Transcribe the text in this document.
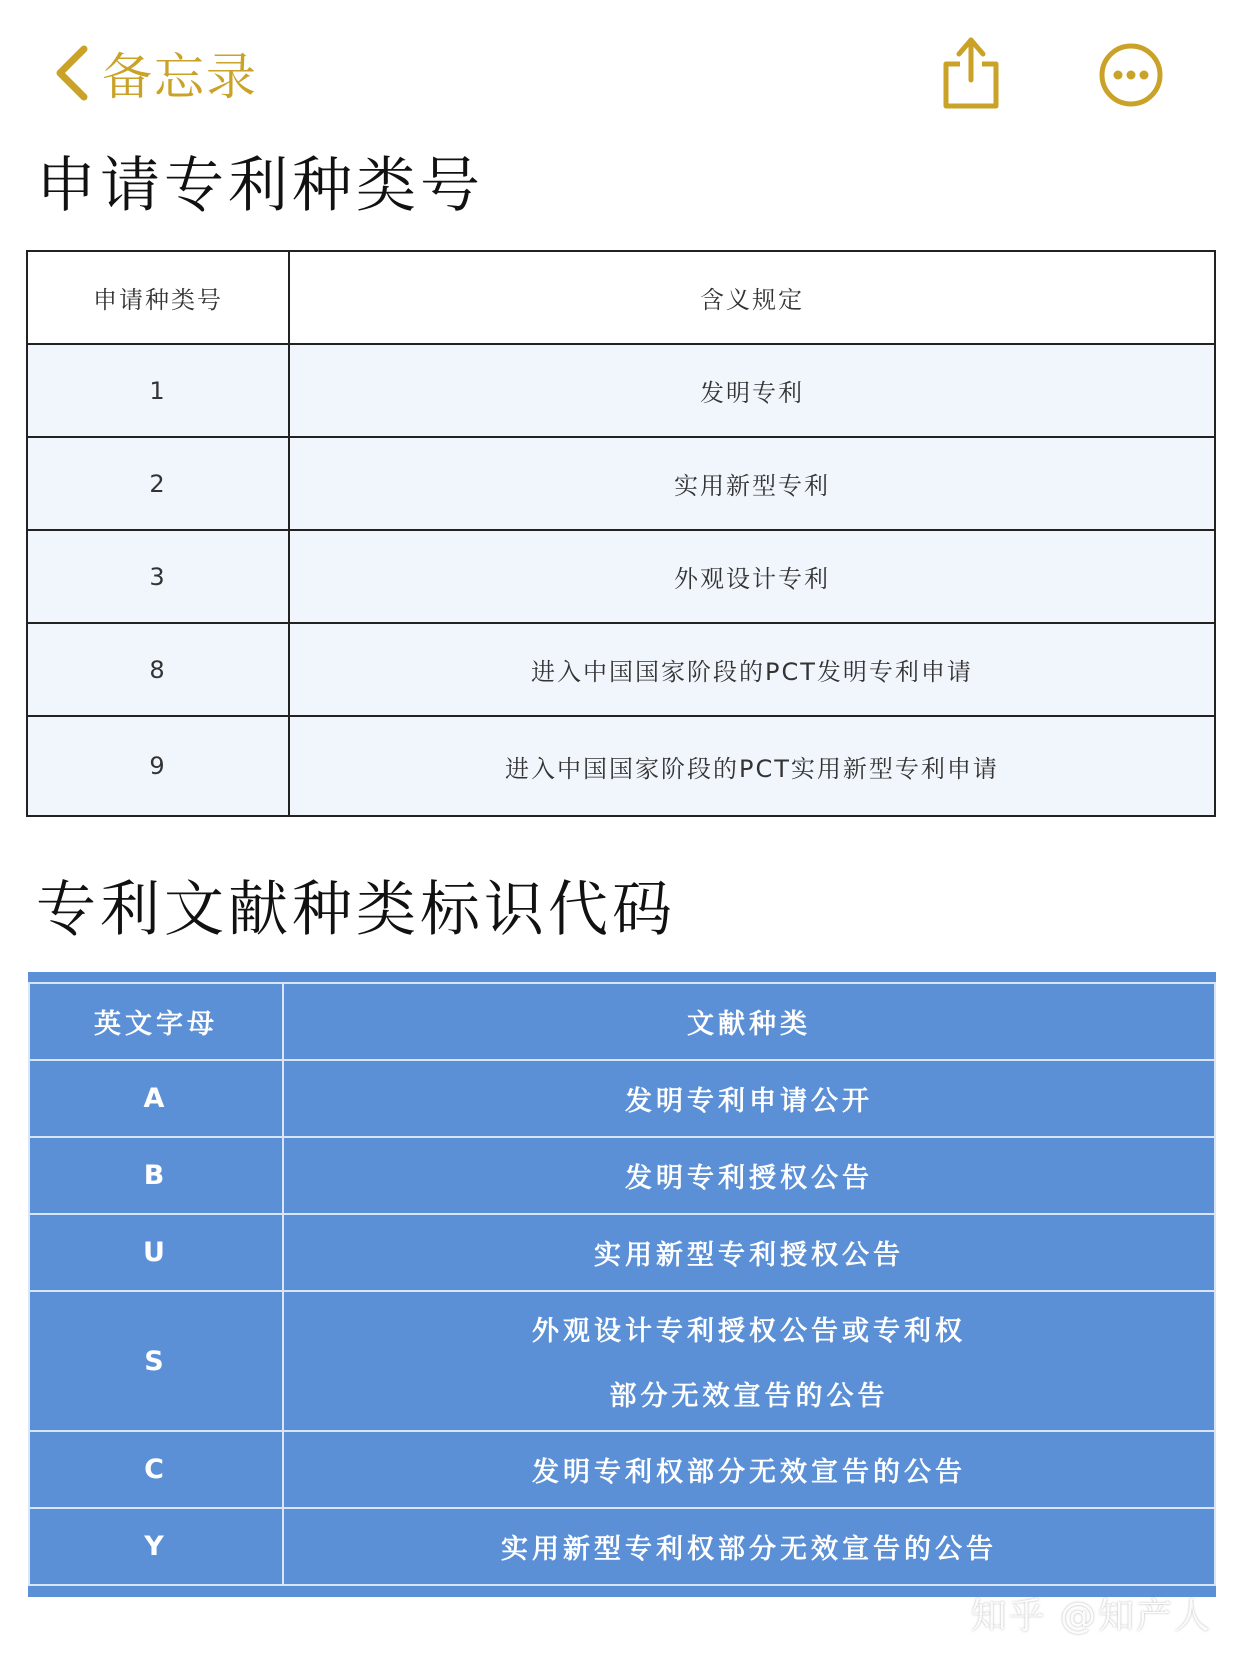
备忘录
申请专利种类号
申请种类号	含义规定
1	发明专利
2	实用新型专利
3	外观设计专利
8	进入中国国家阶段的PCT发明专利申请
9	进入中国国家阶段的PCT实用新型专利申请
专利文献种类标识代码
英文字母	文献种类
A	发明专利申请公开
B	发明专利授权公告
U	实用新型专利授权公告
S	外观设计专利授权公告或专利权
部分无效宣告的公告

C	发明专利权部分无效宣告的公告
Y	实用新型专利权部分无效宣告的公告
知乎 @知产人
